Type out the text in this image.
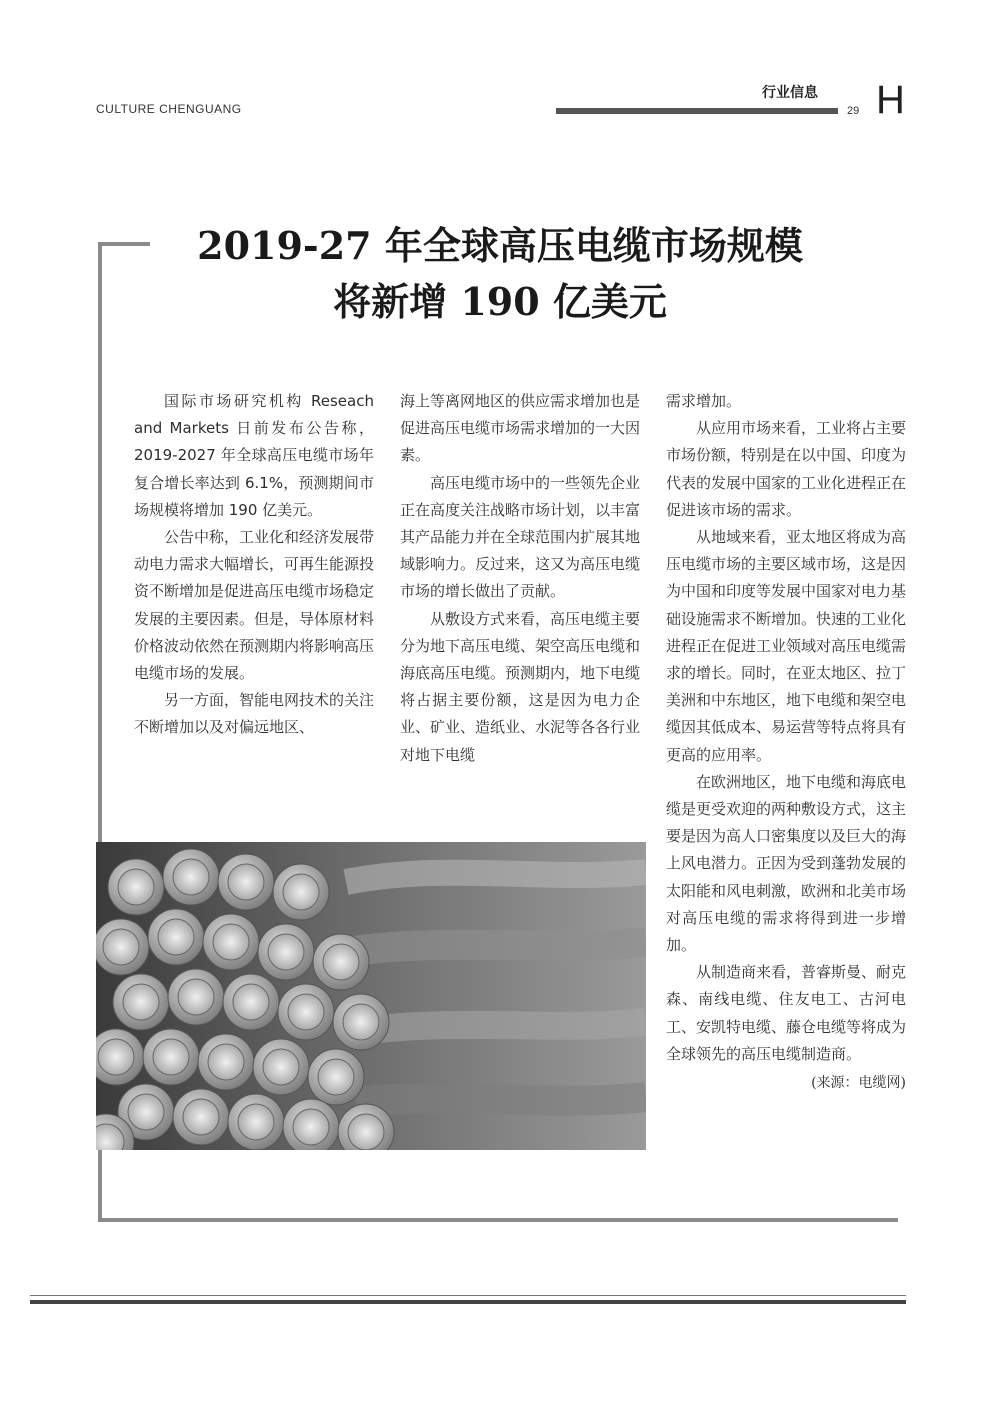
CULTURE CHENGUANG
行业信息
29 H
2019-27 年全球高压电缆市场规模
将新增 190 亿美元

国际市场研究机构 Reseach and Markets 日前发布公告称，2019-2027 年全球高压电缆市场年复合增长率达到 6.1%，预测期间市场规模将增加 190 亿美元。

公告中称，工业化和经济发展带动电力需求大幅增长，可再生能源投资不断增加是促进高压电缆市场稳定发展的主要因素。但是，导体原材料价格波动依然在预测期内将影响高压电缆市场的发展。

另一方面，智能电网技术的关注不断增加以及对偏远地区、

海上等离网地区的供应需求增加也是促进高压电缆市场需求增加的一大因素。

高压电缆市场中的一些领先企业正在高度关注战略市场计划，以丰富其产品能力并在全球范围内扩展其地域影响力。反过来，这又为高压电缆市场的增长做出了贡献。

从敷设方式来看，高压电缆主要分为地下高压电缆、架空高压电缆和海底高压电缆。预测期内，地下电缆将占据主要份额，这是因为电力企业、矿业、造纸业、水泥等各各行业对地下电缆

需求增加。

从应用市场来看，工业将占主要市场份额，特别是在以中国、印度为代表的发展中国家的工业化进程正在促进该市场的需求。

从地域来看，亚太地区将成为高压电缆市场的主要区域市场，这是因为中国和印度等发展中国家对电力基础设施需求不断增加。快速的工业化进程正在促进工业领域对高压电缆需求的增长。同时，在亚太地区、拉丁美洲和中东地区，地下电缆和架空电缆因其低成本、易运营等特点将具有更高的应用率。

在欧洲地区，地下电缆和海底电缆是更受欢迎的两种敷设方式，这主要是因为高人口密集度以及巨大的海上风电潜力。正因为受到蓬勃发展的太阳能和风电刺激，欧洲和北美市场对高压电缆的需求将得到进一步增加。

从制造商来看，普睿斯曼、耐克森、南线电缆、住友电工、古河电工、安凯特电缆、藤仓电缆等将成为全球领先的高压电缆制造商。

(来源：电缆网)
